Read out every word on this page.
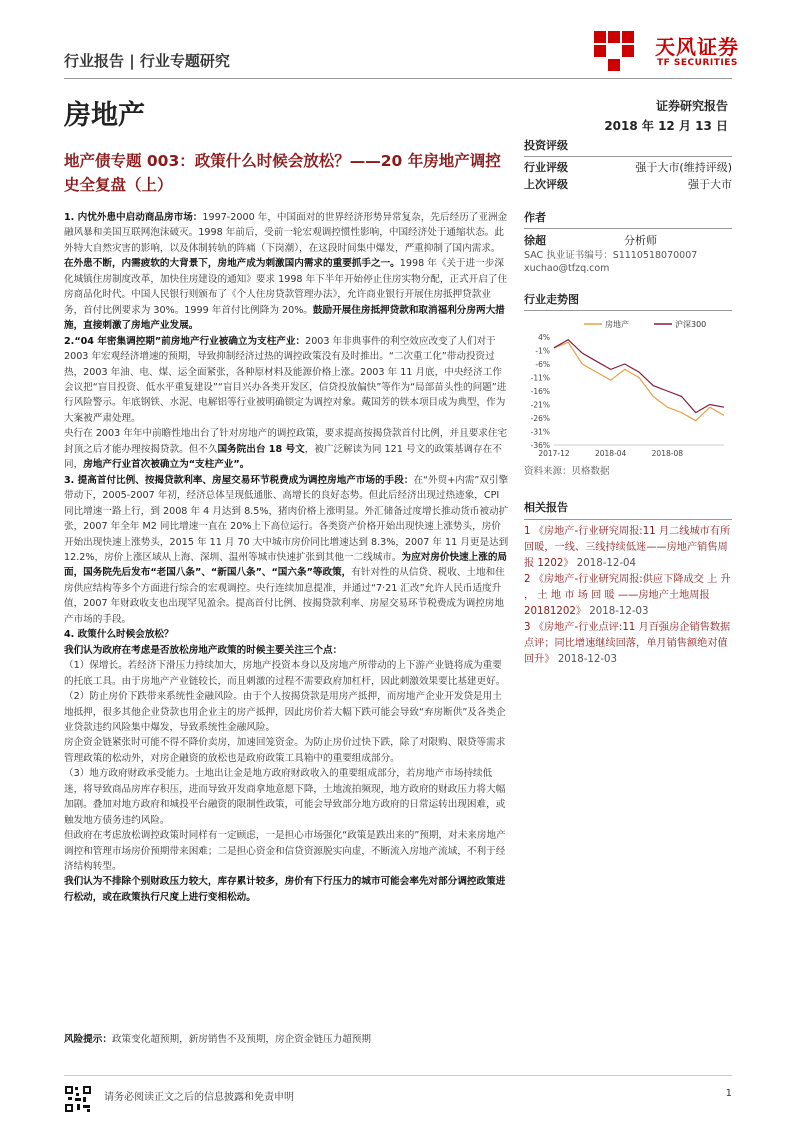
行业报告 | 行业专题研究
天风证券
TF SECURITIES
房地产	证券研究报告
2018 年 12 月 13 日
地产债专题 003：政策什么时候会放松？——20 年房地产调控史全复盘（上）

1. 内忧外患中启动商品房市场：1997-2000 年，中国面对的世界经济形势异常复杂，先后经历了亚洲金融风暴和美国互联网泡沫破灭。1998 年前后，受前一轮宏观调控惯性影响，中国经济处于通缩状态。此外特大自然灾害的影响，以及体制转轨的阵痛（下岗潮），在这段时间集中爆发，严重抑制了国内需求。

在外患不断，内需疲软的大背景下，房地产成为刺激国内需求的重要抓手之一。1998 年《关于进一步深化城镇住房制度改革，加快住房建设的通知》要求 1998 年下半年开始停止住房实物分配，正式开启了住房商品化时代。中国人民银行则颁布了《个人住房贷款管理办法》，允许商业银行开展住房抵押贷款业务，首付比例要求为 30%。1999 年首付比例降为 20%。鼓励开展住房抵押贷款和取消福利分房两大措施，直接刺激了房地产业发展。

2.“04 年密集调控期”前房地产行业被确立为支柱产业：2003 年非典事件的利空效应改变了人们对于 2003 年宏观经济增速的预期，导致抑制经济过热的调控政策没有及时推出。“二次重工化”带动投资过热，2003 年油、电、煤、运全面紧张，各种原材料及能源价格上涨。2003 年 11 月底，中央经济工作会议把“盲目投资、低水平重复建设”“盲目兴办各类开发区，信贷投放偏快”等作为“局部苗头性的问题”进行风险警示。年底钢铁、水泥、电解铝等行业被明确锁定为调控对象。戴国芳的铁本项目成为典型，作为大案被严肃处理。

央行在 2003 年年中前瞻性地出台了针对房地产的调控政策，要求提高按揭贷款首付比例，并且要求住宅封顶之后才能办理按揭贷款。但不久国务院出台 18 号文，被广泛解读为同 121 号文的政策基调存在不同，房地产行业首次被确立为“支柱产业”。

3. 提高首付比例、按揭贷款利率、房屋交易环节税费成为调控房地产市场的手段：在“外贸+内需”双引擎带动下，2005-2007 年初，经济总体呈现低通胀、高增长的良好态势。但此后经济出现过热迹象，CPI 同比增速一路上行，到 2008 年 4 月达到 8.5%，猪肉价格上涨明显。外汇储备过度增长推动货币被动扩张，2007 年全年 M2 同比增速一直在 20%上下高位运行。各类资产价格开始出现快速上涨势头，房价开始出现快速上涨势头，2015 年 11 月 70 大中城市房价同比增速达到 8.3%，2007 年 11 月更是达到 12.2%，房价上涨区域从上海、深圳、温州等城市快速扩张到其他一二线城市。为应对房价快速上涨的局面，国务院先后发布“老国八条”、“新国八条”、“国六条”等政策，有针对性的从信贷、税收、土地和住房供应结构等多个方面进行综合的宏观调控。央行连续加息提准，并通过“7·21 汇改”允许人民币适度升值，2007 年财政收支也出现罕见盈余。提高首付比例、按揭贷款利率、房屋交易环节税费成为调控房地产市场的手段。

4. 政策什么时候会放松？

我们认为政府在考虑是否放松房地产政策的时候主要关注三个点：

（1）保增长。若经济下滑压力持续加大，房地产投资本身以及房地产所带动的上下游产业链将成为重要的托底工具。由于房地产产业链较长，而且刺激的过程不需要政府加杠杆，因此刺激效果要比基建更好。

（2）防止房价下跌带来系统性金融风险。由于个人按揭贷款是用房产抵押，而房地产企业开发贷是用土地抵押，很多其他企业贷款也用企业主的房产抵押，因此房价若大幅下跌可能会导致“弃房断供”及各类企业贷款违约风险集中爆发，导致系统性金融风险。

房企资金链紧张时可能不得不降价卖房，加速回笼资金。为防止房价过快下跌，除了对限购、限贷等需求管理政策的松动外，对房企融资的放松也是政府政策工具箱中的重要组成部分。

（3）地方政府财政承受能力。土地出让金是地方政府财政收入的重要组成部分，若房地产市场持续低迷，将导致商品房库存积压，进而导致开发商拿地意愿下降，土地流拍频现，地方政府的财政压力将大幅加剧。叠加对地方政府和城投平台融资的限制性政策，可能会导致部分地方政府的日常运转出现困难，或触发地方债务违约风险。

但政府在考虑放松调控政策时同样有一定顾虑，一是担心市场强化“政策是跌出来的”预期，对未来房地产调控和管理市场房价预期带来困难；二是担心资金和信贷资源脱实向虚，不断流入房地产流域，不利于经济结构转型。

我们认为不排除个别财政压力较大，库存累计较多，房价有下行压力的城市可能会率先对部分调控政策进行松动，或在政策执行尺度上进行变相松动。

风险提示：政策变化超预期，新房销售不及预期，房企资金链压力超预期
投资评级
行业评级	强于大市(维持评级)
上次评级	强于大市
作者
徐超	分析师
SAC 执业证书编号：S1110518070007
xuchao@tfzq.com
行业走势图
4%
-1%
-6%
-11%
-16%
-21%
-26%
-31%
-36%
2017-12	2018-04	2018-08
房地产	沪深300
资料来源：贝格数据
相关报告
1 《房地产-行业研究周报:11 月二线城市有所回暖，一线、三线持续低迷——房地产销售周报 1202》 2018-12-04
2 《房地产-行业研究周报:供应下降成交 上 升 ， 土 地 市 场 回 暖 ——房地产土地周报 20181202》 2018-12-03
3 《房地产-行业点评:11 月百强房企销售数据点评；同比增速继续回落，单月销售额绝对值回升》 2018-12-03
请务必阅读正文之后的信息披露和免责申明	1
